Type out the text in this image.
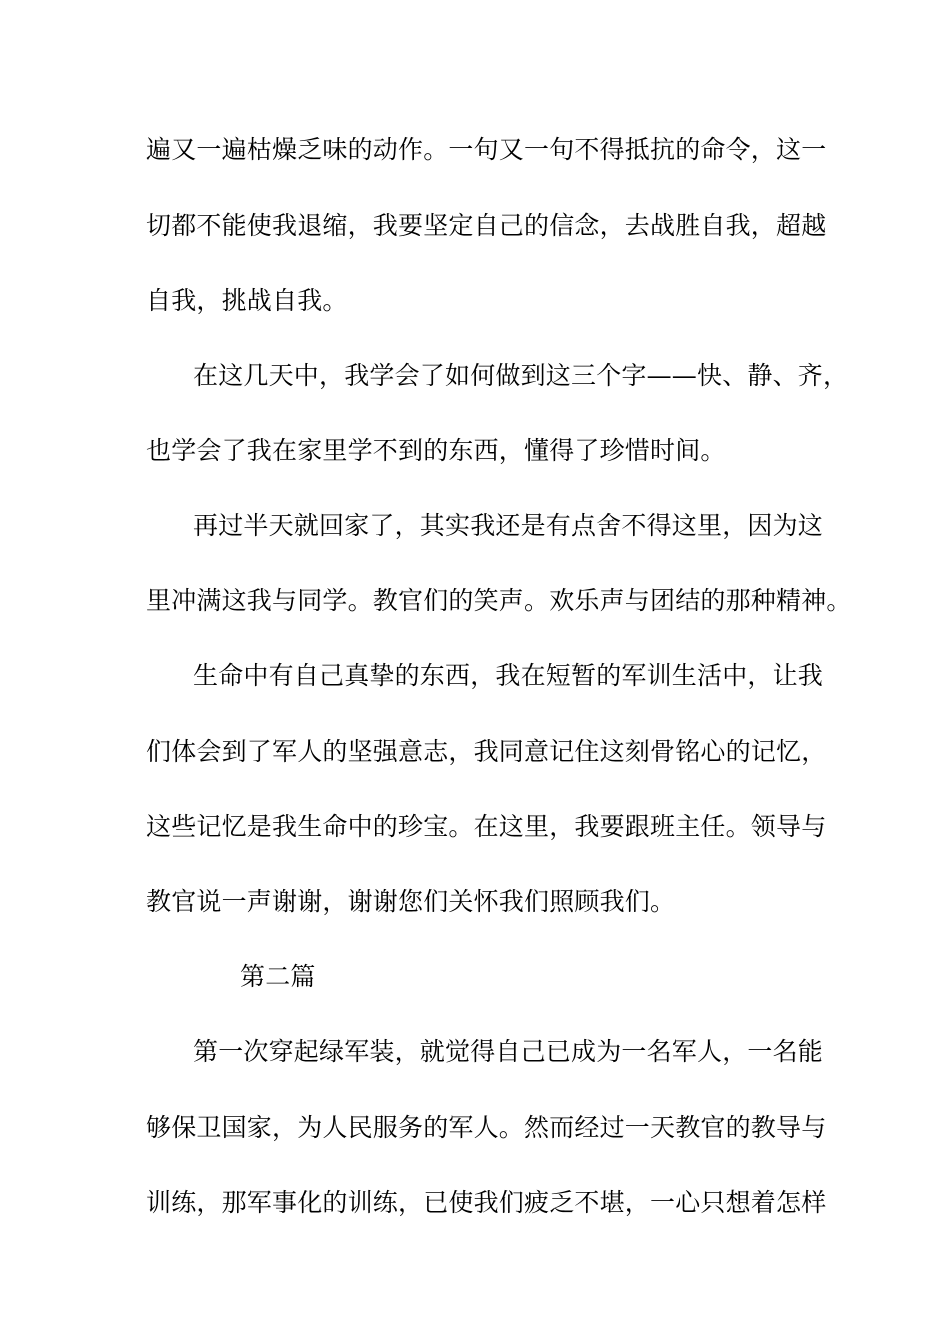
遍又一遍枯燥乏味的动作。一句又一句不得抵抗的命令，这一
切都不能使我退缩，我要坚定自己的信念，去战胜自我，超越
自我，挑战自我。
在这几天中，我学会了如何做到这三个字——快、静、齐，
也学会了我在家里学不到的东西，懂得了珍惜时间。
再过半天就回家了，其实我还是有点舍不得这里，因为这
里冲满这我与同学。教官们的笑声。欢乐声与团结的那种精神。
生命中有自己真挚的东西，我在短暂的军训生活中，让我
们体会到了军人的坚强意志，我同意记住这刻骨铭心的记忆，
这些记忆是我生命中的珍宝。在这里，我要跟班主任。领导与
教官说一声谢谢，谢谢您们关怀我们照顾我们。
第二篇
第一次穿起绿军装，就觉得自己已成为一名军人，一名能
够保卫国家，为人民服务的军人。然而经过一天教官的教导与
训练，那军事化的训练，已使我们疲乏不堪，一心只想着怎样
